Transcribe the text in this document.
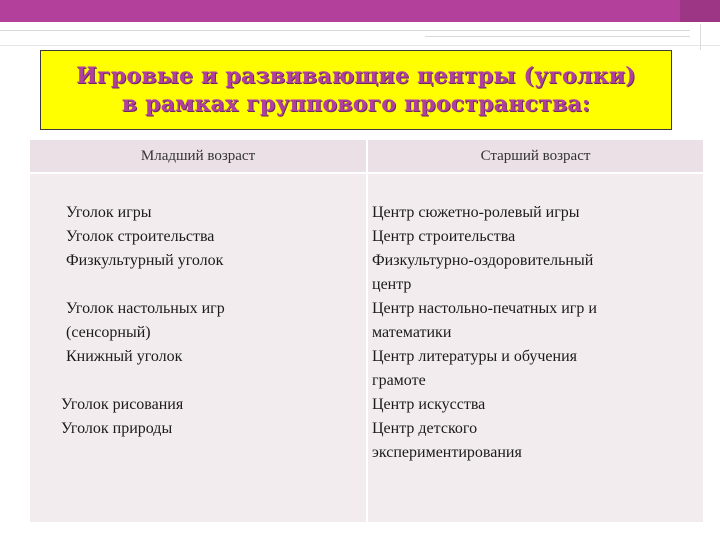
Игровые и развивающие центры (уголки)
в рамках группового пространства:
Младший возраст	Старший возраст
Уголок игры
Уголок строительства
Физкультурный уголок
Уголок настольных игр
(сенсорный)
Книжный уголок
Уголок рисования
Уголок природы
Центр сюжетно-ролевый игры
Центр строительства
Физкультурно-оздоровительный
центр
Центр настольно-печатных игр и
математики
Центр литературы и обучения
грамоте
Центр искусства
Центр детского
экспериментирования
